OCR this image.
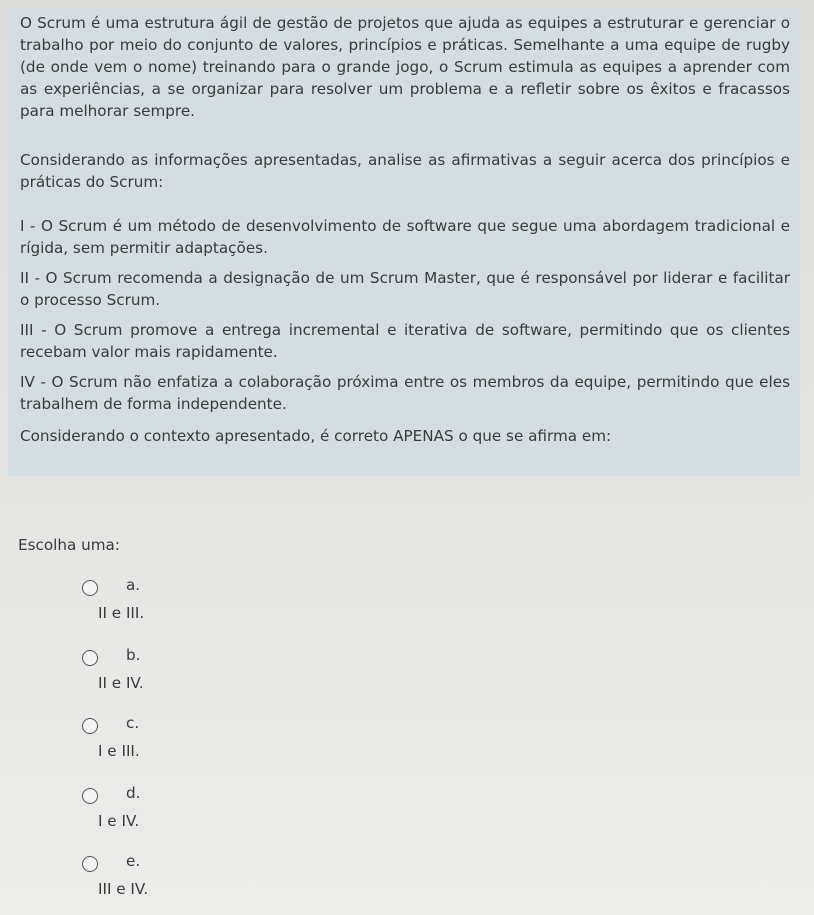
O Scrum é uma estrutura ágil de gestão de projetos que ajuda as equipes a estruturar e gerenciar o trabalho por meio do conjunto de valores, princípios e práticas. Semelhante a uma equipe de rugby (de onde vem o nome) treinando para o grande jogo, o Scrum estimula as equipes a aprender com as experiências, a se organizar para resolver um problema e a refletir sobre os êxitos e fracassos para melhorar sempre.

Considerando as informações apresentadas, analise as afirmativas a seguir acerca dos princípios e práticas do Scrum:

I - O Scrum é um método de desenvolvimento de software que segue uma abordagem tradicional e rígida, sem permitir adaptações.

II - O Scrum recomenda a designação de um Scrum Master, que é responsável por liderar e facilitar o processo Scrum.

III - O Scrum promove a entrega incremental e iterativa de software, permitindo que os clientes recebam valor mais rapidamente.

IV - O Scrum não enfatiza a colaboração próxima entre os membros da equipe, permitindo que eles trabalhem de forma independente.

Considerando o contexto apresentado, é correto APENAS o que se afirma em:

Escolha uma:
a.
II e III.
b.
II e IV.
c.
I e III.
d.
I e IV.
e.
III e IV.
